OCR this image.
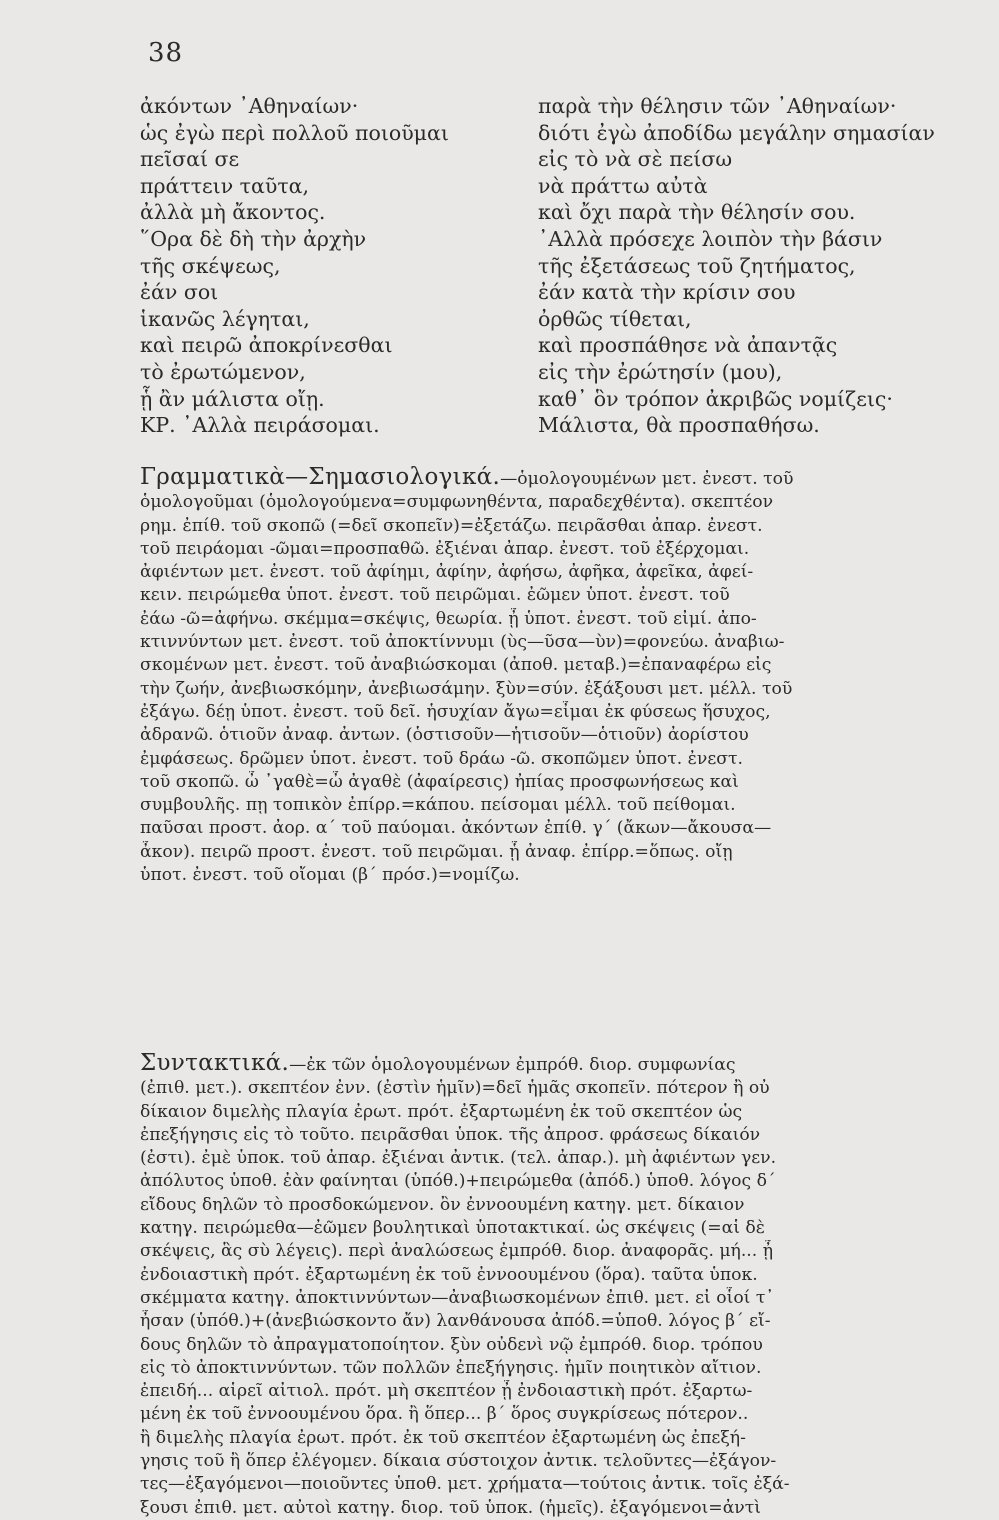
38
ἀκόντων ᾿Αθηναίων·	παρὰ τὴν θέλησιν τῶν ᾿Αθηναίων·
ὡς ἐγὼ περὶ πολλοῦ ποιοῦμαι	διότι ἐγὼ ἀποδίδω μεγάλην σημασίαν
πεῖσαί σε	εἰς τὸ νὰ σὲ πείσω
πράττειν ταῦτα,	νὰ πράττω αὐτὰ
ἀλλὰ μὴ ἄκοντος.	καὶ ὄχι παρὰ τὴν θέλησίν σου.
῞Ορα δὲ δὴ τὴν ἀρχὴν	᾿Αλλὰ πρόσεχε λοιπὸν τὴν βάσιν
τῆς σκέψεως,	τῆς ἐξετάσεως τοῦ ζητήματος,
ἐάν σοι	ἐάν κατὰ τὴν κρίσιν σου
ἱκανῶς λέγηται,	ὀρθῶς τίθεται,
καὶ πειρῶ ἀποκρίνεσθαι	καὶ προσπάθησε νὰ ἀπαντᾷς
τὸ ἐρωτώμενον,	εἰς τὴν ἐρώτησίν (μου),
ᾗ ἂν μάλιστα οἴῃ.	καθ᾿ ὃν τρόπον ἀκριβῶς νομίζεις·
ΚΡ. ᾿Αλλὰ πειράσομαι.	Μάλιστα, θὰ προσπαθήσω.
Γραμματικὰ—Σημασιολογικά.—ὁμολογουμένων μετ. ἐνεστ. τοῦ
ὁμολογοῦμαι (ὁμολογούμενα=συμφωνηθέντα, παραδεχθέντα). σκεπτέον
ρημ. ἐπίθ. τοῦ σκοπῶ (=δεῖ σκοπεῖν)=ἐξετάζω. πειρᾶσθαι ἀπαρ. ἐνεστ.
τοῦ πειράομαι -ῶμαι=προσπαθῶ. ἐξιέναι ἀπαρ. ἐνεστ. τοῦ ἐξέρχομαι.
ἀφιέντων μετ. ἐνεστ. τοῦ ἀφίημι, ἀφίην, ἀφήσω, ἀφῆκα, ἀφεῖκα, ἀφεί-
κειν. πειρώμεθα ὑποτ. ἐνεστ. τοῦ πειρῶμαι. ἐῶμεν ὑποτ. ἐνεστ. τοῦ
ἐάω -ῶ=ἀφήνω. σκέμμα=σκέψις, θεωρία. ᾖ ὑποτ. ἐνεστ. τοῦ εἰμί. ἀπο-
κτιννύντων μετ. ἐνεστ. τοῦ ἀποκτίννυμι (ὺς—ῦσα—ὺν)=φονεύω. ἀναβιω-
σκομένων μετ. ἐνεστ. τοῦ ἀναβιώσκομαι (ἀποθ. μεταβ.)=ἐπαναφέρω εἰς
τὴν ζωήν, ἀνεβιωσκόμην, ἀνεβιωσάμην. ξὺν=σύν. ἐξάξουσι μετ. μέλλ. τοῦ
ἐξάγω. δέῃ ὑποτ. ἐνεστ. τοῦ δεῖ. ἡσυχίαν ἄγω=εἶμαι ἐκ φύσεως ἥσυχος,
ἀδρανῶ. ὁτιοῦν ἀναφ. ἀντων. (ὁστισοῦν—ἡτισοῦν—ὁτιοῦν) ἀορίστου
ἐμφάσεως. δρῶμεν ὑποτ. ἐνεστ. τοῦ δράω -ῶ. σκοπῶμεν ὑποτ. ἐνεστ.
τοῦ σκοπῶ. ὦ ᾿γαθὲ=ὦ ἀγαθὲ (ἀφαίρεσις) ἠπίας προσφωνήσεως καὶ
συμβουλῆς. πῃ τοπικὸν ἐπίρρ.=κάπου. πείσομαι μέλλ. τοῦ πείθομαι.
παῦσαι προστ. ἀορ. α΄ τοῦ παύομαι. ἀκόντων ἐπίθ. γ΄ (ἄκων—ἄκουσα—
ἆκον). πειρῶ προστ. ἐνεστ. τοῦ πειρῶμαι. ᾗ ἀναφ. ἐπίρρ.=ὅπως. οἴῃ
ὑποτ. ἐνεστ. τοῦ οἴομαι (β΄ πρόσ.)=νομίζω.
Συντακτικά.—ἐκ τῶν ὁμολογουμένων ἐμπρόθ. διορ. συμφωνίας
(ἐπιθ. μετ.). σκεπτέον ἐνν. (ἐστὶν ἡμῖν)=δεῖ ἡμᾶς σκοπεῖν. πότερον ἢ οὐ
δίκαιον διμελὴς πλαγία ἐρωτ. πρότ. ἐξαρτωμένη ἐκ τοῦ σκεπτέον ὡς
ἐπεξήγησις εἰς τὸ τοῦτο. πειρᾶσθαι ὑποκ. τῆς ἀπροσ. φράσεως δίκαιόν
(ἐστι). ἐμὲ ὑποκ. τοῦ ἀπαρ. ἐξιέναι ἀντικ. (τελ. ἀπαρ.). μὴ ἀφιέντων γεν.
ἀπόλυτος ὑποθ. ἐὰν φαίνηται (ὑπόθ.)+πειρώμεθα (ἀπόδ.) ὑποθ. λόγος δ΄
εἴδους δηλῶν τὸ προσδοκώμενον. ὂν ἐννοουμένη κατηγ. μετ. δίκαιον
κατηγ. πειρώμεθα—ἐῶμεν βουλητικαὶ ὑποτακτικαί. ὡς σκέψεις (=αἱ δὲ
σκέψεις, ἃς σὺ λέγεις). περὶ ἀναλώσεως ἐμπρόθ. διορ. ἀναφορᾶς. μή... ᾖ
ἐνδοιαστικὴ πρότ. ἐξαρτωμένη ἐκ τοῦ ἐννοουμένου (ὅρα). ταῦτα ὑποκ.
σκέμματα κατηγ. ἀποκτιννύντων—ἀναβιωσκομένων ἐπιθ. μετ. εἰ οἷοί τ᾿
ἦσαν (ὑπόθ.)+(ἀνεβιώσκοντο ἄν) λανθάνουσα ἀπόδ.=ὑποθ. λόγος β΄ εἴ-
δους δηλῶν τὸ ἀπραγματοποίητον. ξὺν οὐδενὶ νῷ ἐμπρόθ. διορ. τρόπου
εἰς τὸ ἀποκτιννύντων. τῶν πολλῶν ἐπεξήγησις. ἡμῖν ποιητικὸν αἴτιον.
ἐπειδή... αἱρεῖ αἰτιολ. πρότ. μὴ σκεπτέον ᾖ ἐνδοιαστικὴ πρότ. ἐξαρτω-
μένη ἐκ τοῦ ἐννοουμένου ὅρα. ἢ ὅπερ... β΄ ὅρος συγκρίσεως πότερον..
ἢ διμελὴς πλαγία ἐρωτ. πρότ. ἐκ τοῦ σκεπτέον ἐξαρτωμένη ὡς ἐπεξή-
γησις τοῦ ἢ ὅπερ ἐλέγομεν. δίκαια σύστοιχον ἀντικ. τελοῦντες—ἐξάγον-
τες—ἐξαγόμενοι—ποιοῦντες ὑποθ. μετ. χρήματα—τούτοις ἀντικ. τοῖς ἐξά-
ξουσι ἐπιθ. μετ. αὐτοὶ κατηγ. διορ. τοῦ ὑποκ. (ἡμεῖς). ἐξαγόμενοι=ἀντὶ
